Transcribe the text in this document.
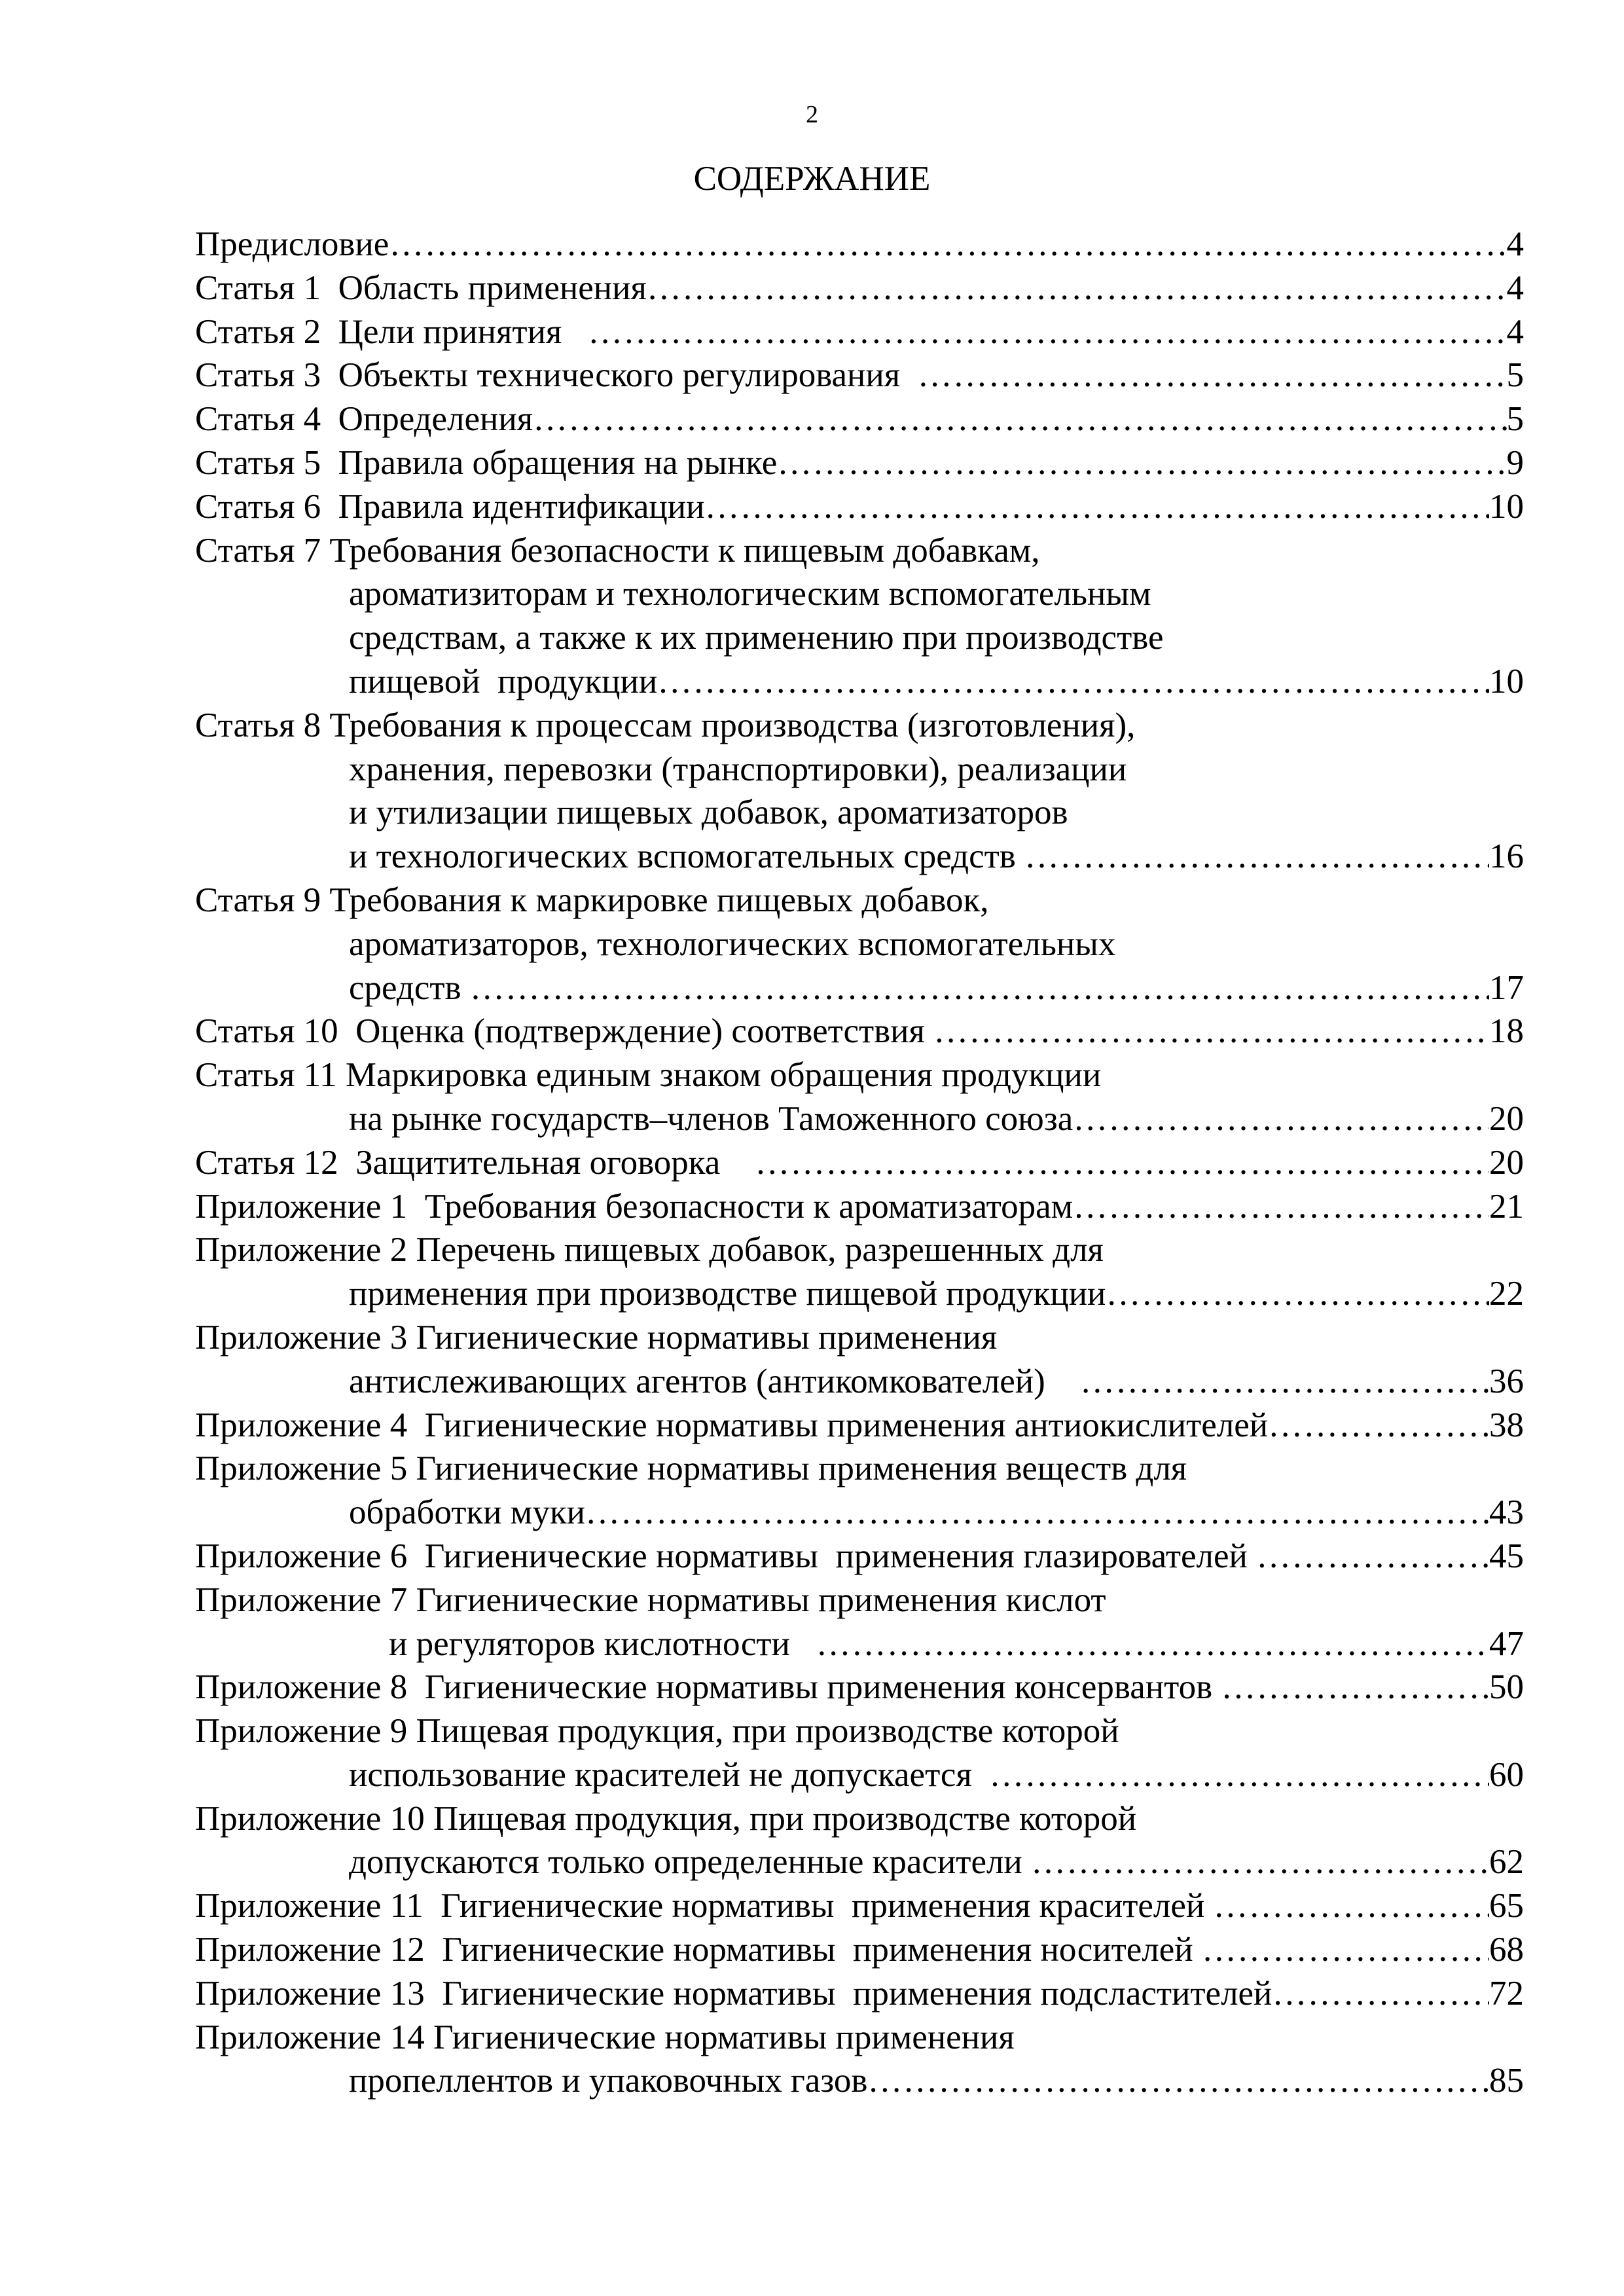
2
СОДЕРЖАНИЕ
Предисловие …………………………………………………………………………………………………………………………………………………………………………………………………………………………	4
Статья 1  Область применения …………………………………………………………………………………………………………………………………………………………………………………………………………………………	4
Статья 2  Цели принятия …………………………………………………………………………………………………………………………………………………………………………………………………………………………	4
Статья 3  Объекты технического регулирования …………………………………………………………………………………………………………………………………………………………………………………………………………………………	5
Статья 4  Определения …………………………………………………………………………………………………………………………………………………………………………………………………………………………	5
Статья 5  Правила обращения на рынке …………………………………………………………………………………………………………………………………………………………………………………………………………………………	9
Статья 6  Правила идентификации …………………………………………………………………………………………………………………………………………………………………………………………………………………………	10
Статья 7 Требования безопасности к пищевым добавкам,
ароматизиторам и технологическим вспомогательным
средствам, а также к их применению при производстве
пищевой  продукции …………………………………………………………………………………………………………………………………………………………………………………………………………………………	10
Статья 8 Требования к процессам производства (изготовления),
хранения, перевозки (транспортировки), реализации
и утилизации пищевых добавок, ароматизаторов
и технологических вспомогательных средств …………………………………………………………………………………………………………………………………………………………………………………………………………………………	16
Статья 9 Требования к маркировке пищевых добавок,
ароматизаторов, технологических вспомогательных
средств …………………………………………………………………………………………………………………………………………………………………………………………………………………………	17
Статья 10  Оценка (подтверждение) соответствия …………………………………………………………………………………………………………………………………………………………………………………………………………………………	18
Статья 11 Маркировка единым знаком обращения продукции
на рынке государств–членов Таможенного союза …………………………………………………………………………………………………………………………………………………………………………………………………………………………	20
Статья 12  Защитительная оговорка …………………………………………………………………………………………………………………………………………………………………………………………………………………………	20
Приложение 1  Требования безопасности к ароматизаторам …………………………………………………………………………………………………………………………………………………………………………………………………………………………	21
Приложение 2 Перечень пищевых добавок, разрешенных для
применения при производстве пищевой продукции …………………………………………………………………………………………………………………………………………………………………………………………………………………………	22
Приложение 3 Гигиенические нормативы применения
антислеживающих агентов (антикомкователей) …………………………………………………………………………………………………………………………………………………………………………………………………………………………	36
Приложение 4  Гигиенические нормативы применения антиокислителей …………………………………………………………………………………………………………………………………………………………………………………………………………………………	38
Приложение 5 Гигиенические нормативы применения веществ для
обработки муки …………………………………………………………………………………………………………………………………………………………………………………………………………………………	43
Приложение 6  Гигиенические нормативы  применения глазирователей …………………………………………………………………………………………………………………………………………………………………………………………………………………………	45
Приложение 7 Гигиенические нормативы применения кислот
и регуляторов кислотности …………………………………………………………………………………………………………………………………………………………………………………………………………………………	47
Приложение 8  Гигиенические нормативы применения консервантов …………………………………………………………………………………………………………………………………………………………………………………………………………………………	50
Приложение 9 Пищевая продукция, при производстве которой
использование красителей не допускается …………………………………………………………………………………………………………………………………………………………………………………………………………………………	60
Приложение 10 Пищевая продукция, при производстве которой
допускаются только определенные красители …………………………………………………………………………………………………………………………………………………………………………………………………………………………	62
Приложение 11  Гигиенические нормативы  применения красителей …………………………………………………………………………………………………………………………………………………………………………………………………………………………	65
Приложение 12  Гигиенические нормативы  применения носителей …………………………………………………………………………………………………………………………………………………………………………………………………………………………	68
Приложение 13  Гигиенические нормативы  применения подсластителей …………………………………………………………………………………………………………………………………………………………………………………………………………………………	72
Приложение 14 Гигиенические нормативы применения
пропеллентов и упаковочных газов …………………………………………………………………………………………………………………………………………………………………………………………………………………………	85
